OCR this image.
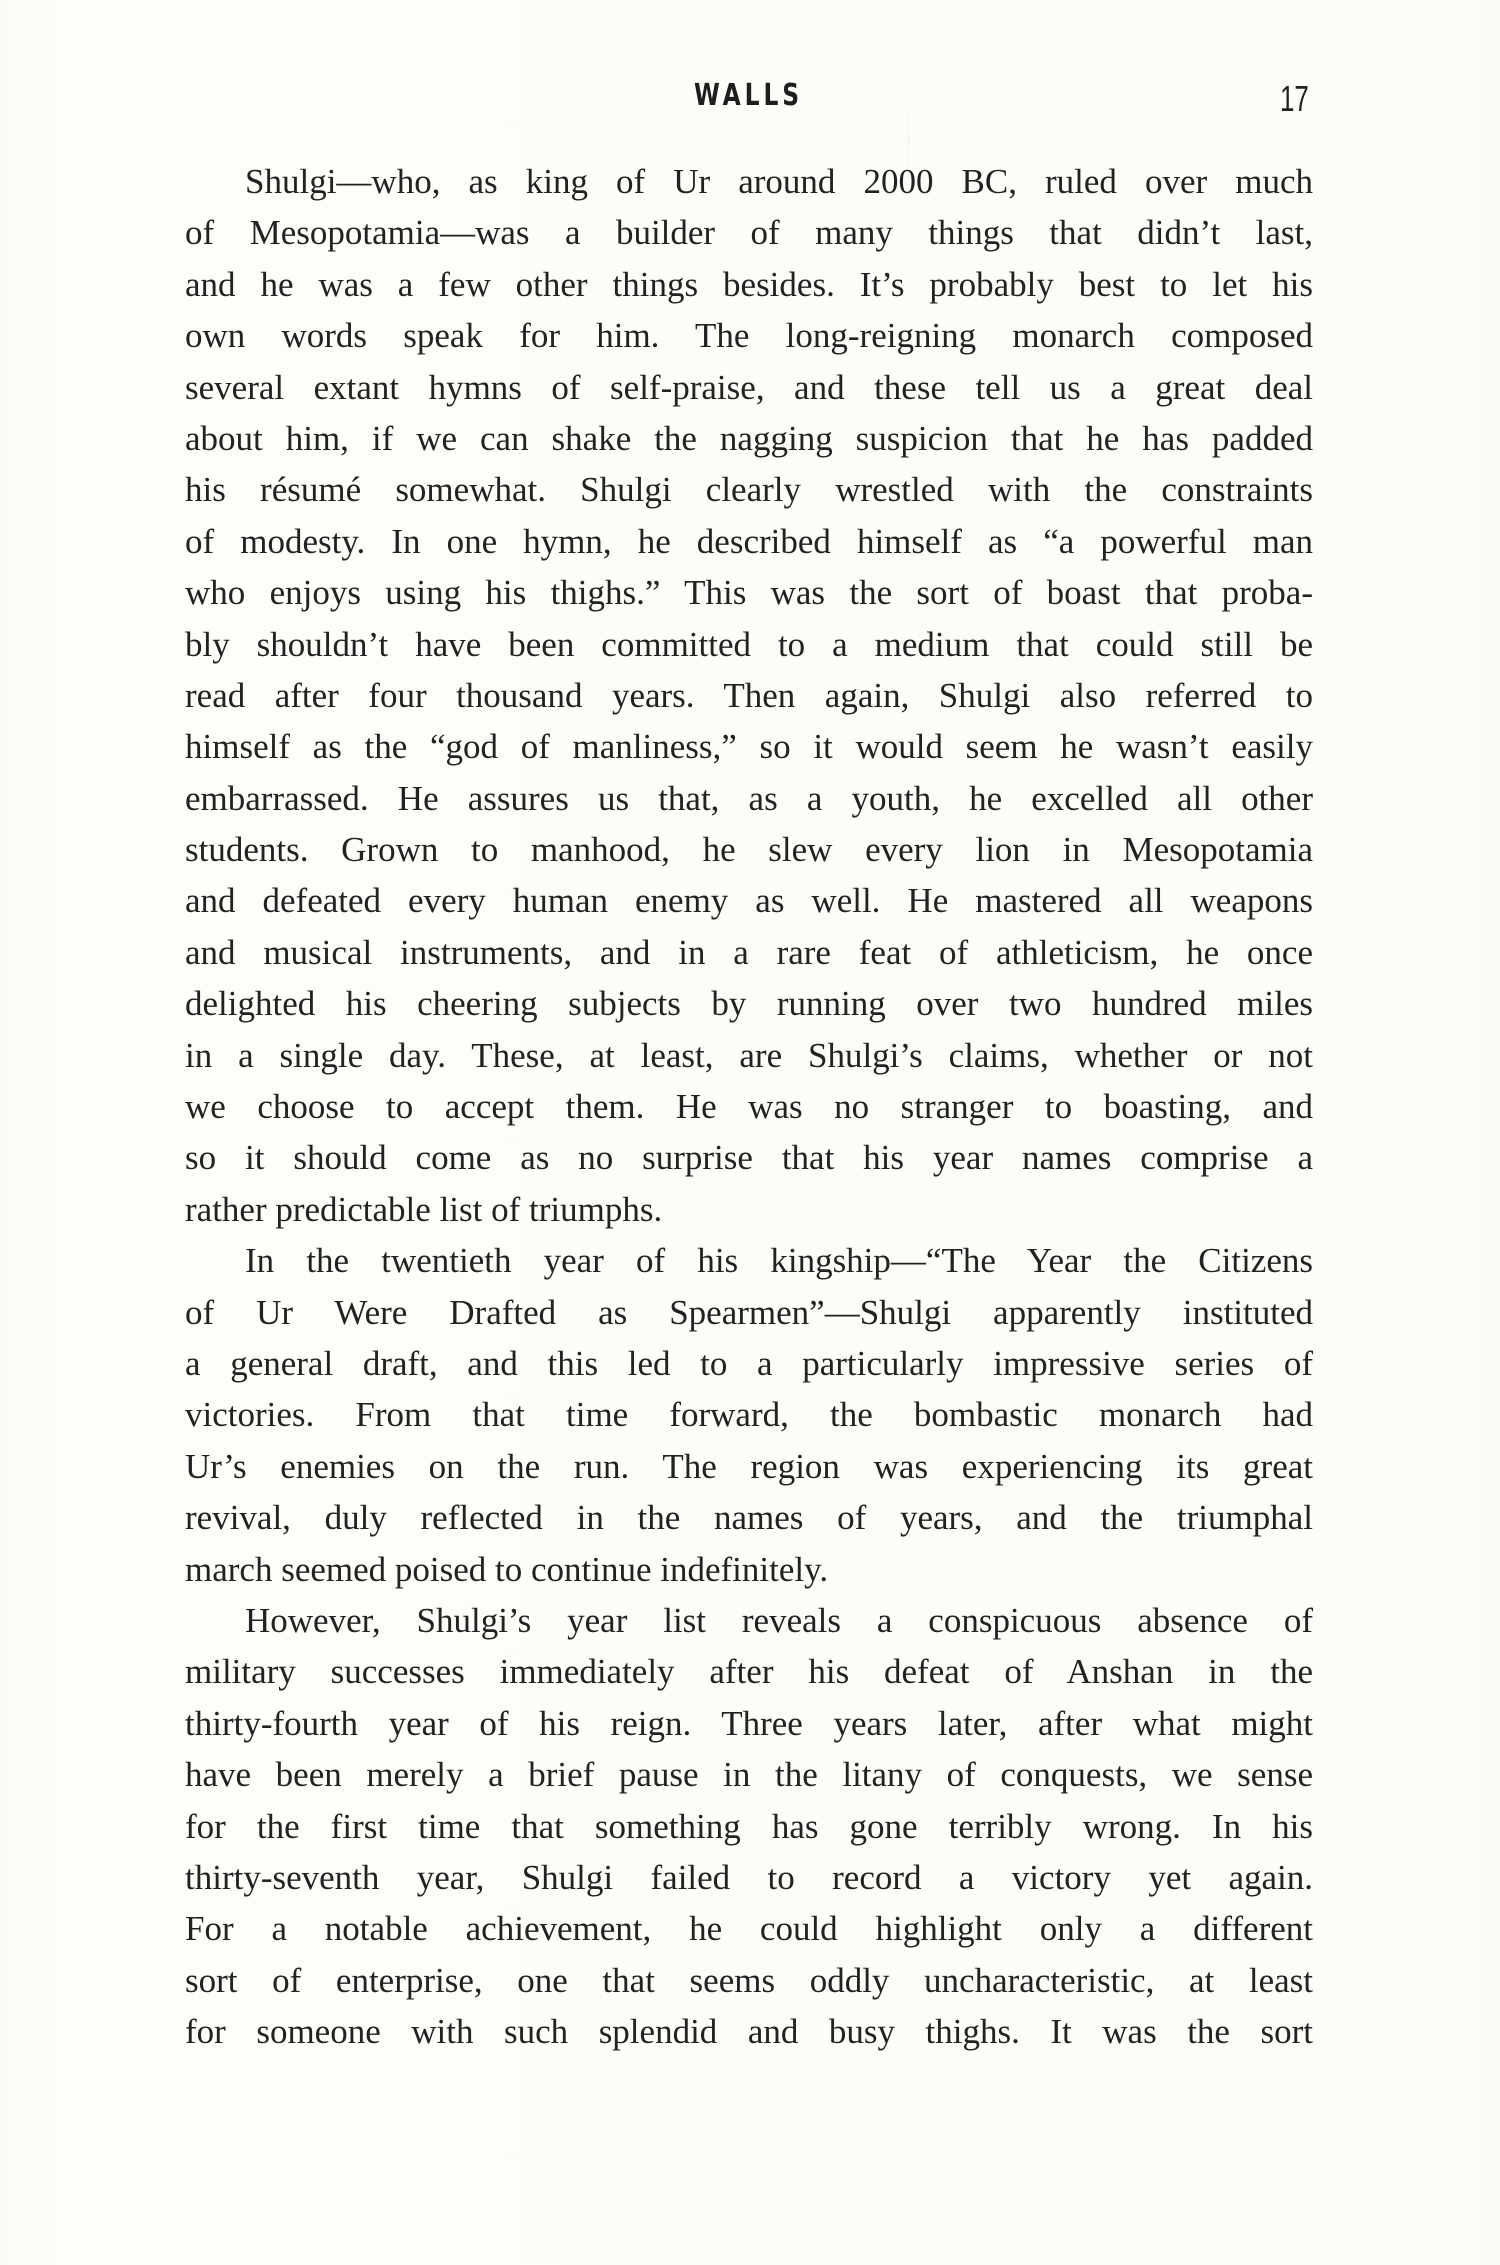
WALLS	17
Shulgi—who, as king of Ur around 2000 BC, ruled over much
of Mesopotamia—was a builder of many things that didn’t last,
and he was a few other things besides. It’s probably best to let his
own words speak for him. The long-reigning monarch composed
several extant hymns of self-praise, and these tell us a great deal
about him, if we can shake the nagging suspicion that he has padded
his résumé somewhat. Shulgi clearly wrestled with the constraints
of modesty. In one hymn, he described himself as “a powerful man
who enjoys using his thighs.” This was the sort of boast that proba-
bly shouldn’t have been committed to a medium that could still be
read after four thousand years. Then again, Shulgi also referred to
himself as the “god of manliness,” so it would seem he wasn’t easily
embarrassed. He assures us that, as a youth, he excelled all other
students. Grown to manhood, he slew every lion in Mesopotamia
and defeated every human enemy as well. He mastered all weapons
and musical instruments, and in a rare feat of athleticism, he once
delighted his cheering subjects by running over two hundred miles
in a single day. These, at least, are Shulgi’s claims, whether or not
we choose to accept them. He was no stranger to boasting, and
so it should come as no surprise that his year names comprise a
rather predictable list of triumphs.
In the twentieth year of his kingship—“The Year the Citizens
of Ur Were Drafted as Spearmen”—Shulgi apparently instituted
a general draft, and this led to a particularly impressive series of
victories. From that time forward, the bombastic monarch had
Ur’s enemies on the run. The region was experiencing its great
revival, duly reflected in the names of years, and the triumphal
march seemed poised to continue indefinitely.
However, Shulgi’s year list reveals a conspicuous absence of
military successes immediately after his defeat of Anshan in the
thirty-fourth year of his reign. Three years later, after what might
have been merely a brief pause in the litany of conquests, we sense
for the first time that something has gone terribly wrong. In his
thirty-seventh year, Shulgi failed to record a victory yet again.
For a notable achievement, he could highlight only a different
sort of enterprise, one that seems oddly uncharacteristic, at least
for someone with such splendid and busy thighs. It was the sort
